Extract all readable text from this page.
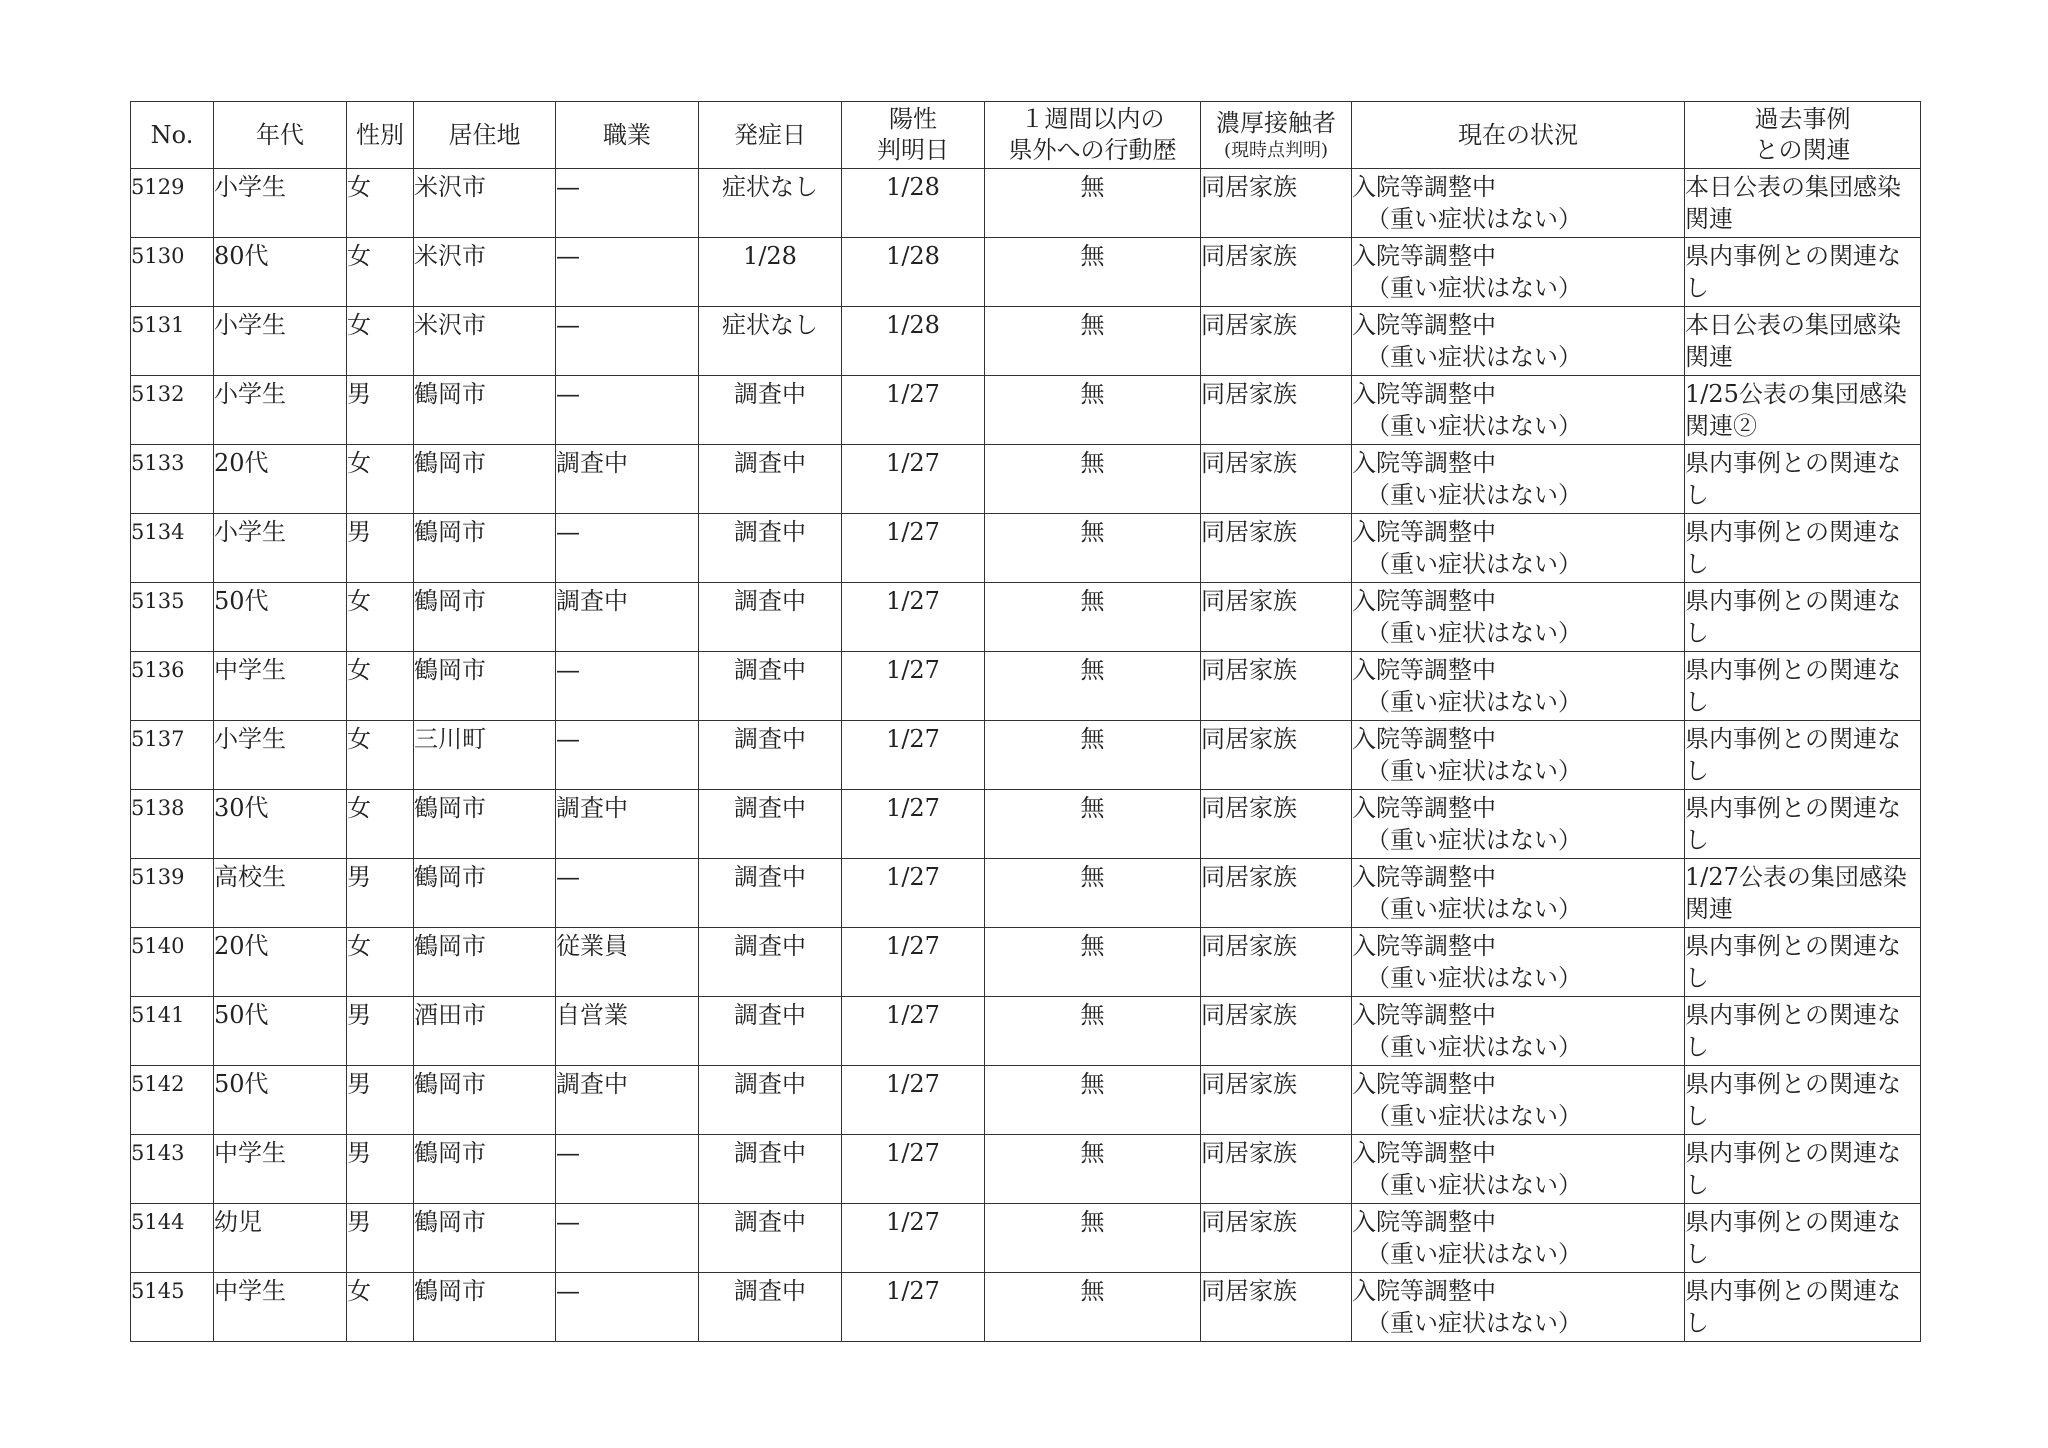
No.	年代	性別	居住地	職業	発症日	陽性
判明日	１週間以内の
県外への行動歴	濃厚接触者
(現時点判明)	現在の状況	過去事例
との関連

5129	小学生	女	米沢市	—	症状なし	1/28	無	同居家族	入院等調整中
（重い症状はない）	本日公表の集団感染関連

5130	80代	女	米沢市	—	1/28	1/28	無	同居家族	入院等調整中
（重い症状はない）	県内事例との関連なし

5131	小学生	女	米沢市	—	症状なし	1/28	無	同居家族	入院等調整中
（重い症状はない）	本日公表の集団感染関連

5132	小学生	男	鶴岡市	—	調査中	1/27	無	同居家族	入院等調整中
（重い症状はない）	1/25公表の集団感染関連②

5133	20代	女	鶴岡市	調査中	調査中	1/27	無	同居家族	入院等調整中
（重い症状はない）	県内事例との関連なし

5134	小学生	男	鶴岡市	—	調査中	1/27	無	同居家族	入院等調整中
（重い症状はない）	県内事例との関連なし

5135	50代	女	鶴岡市	調査中	調査中	1/27	無	同居家族	入院等調整中
（重い症状はない）	県内事例との関連なし

5136	中学生	女	鶴岡市	—	調査中	1/27	無	同居家族	入院等調整中
（重い症状はない）	県内事例との関連なし

5137	小学生	女	三川町	—	調査中	1/27	無	同居家族	入院等調整中
（重い症状はない）	県内事例との関連なし

5138	30代	女	鶴岡市	調査中	調査中	1/27	無	同居家族	入院等調整中
（重い症状はない）	県内事例との関連なし

5139	高校生	男	鶴岡市	—	調査中	1/27	無	同居家族	入院等調整中
（重い症状はない）	1/27公表の集団感染関連

5140	20代	女	鶴岡市	従業員	調査中	1/27	無	同居家族	入院等調整中
（重い症状はない）	県内事例との関連なし

5141	50代	男	酒田市	自営業	調査中	1/27	無	同居家族	入院等調整中
（重い症状はない）	県内事例との関連なし

5142	50代	男	鶴岡市	調査中	調査中	1/27	無	同居家族	入院等調整中
（重い症状はない）	県内事例との関連なし

5143	中学生	男	鶴岡市	—	調査中	1/27	無	同居家族	入院等調整中
（重い症状はない）	県内事例との関連なし

5144	幼児	男	鶴岡市	—	調査中	1/27	無	同居家族	入院等調整中
（重い症状はない）	県内事例との関連なし

5145	中学生	女	鶴岡市	—	調査中	1/27	無	同居家族	入院等調整中
（重い症状はない）	県内事例との関連なし
